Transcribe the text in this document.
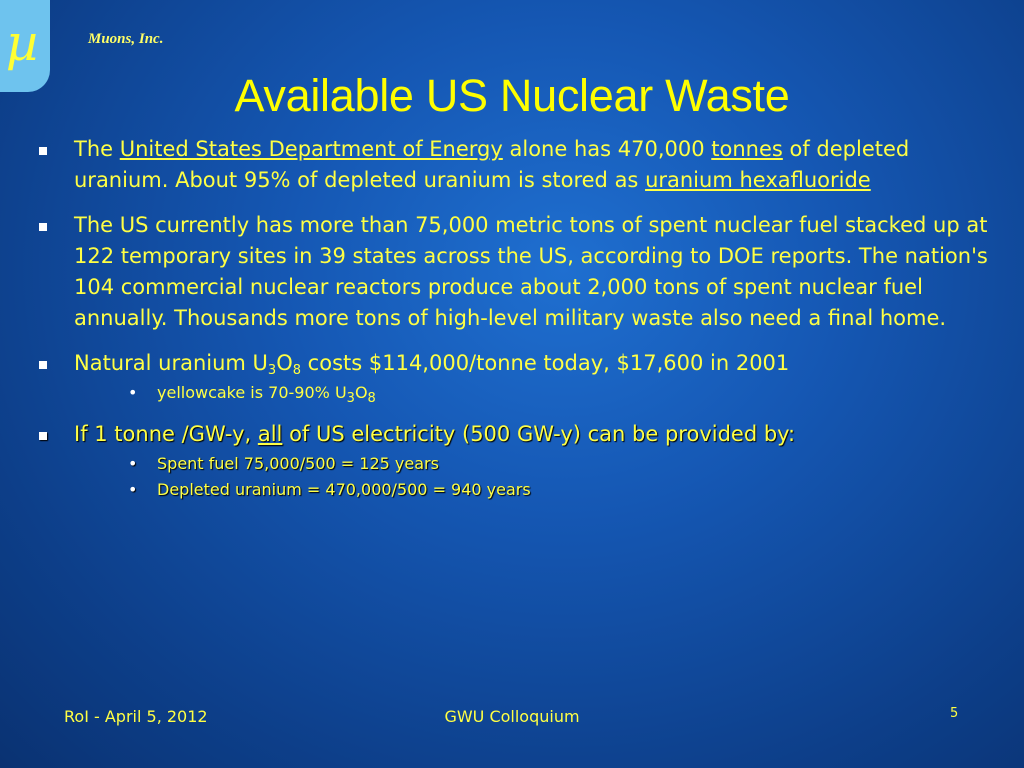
µ	Muons, Inc.
Available US Nuclear Waste
The United States Department of Energy alone has 470,000 tonnes of depleted uranium. About 95% of depleted uranium is stored as uranium hexafluoride
The US currently has more than 75,000 metric tons of spent nuclear fuel stacked up at 122 temporary sites in 39 states across the US, according to DOE reports. The nation's 104 commercial nuclear reactors produce about 2,000 tons of spent nuclear fuel annually. Thousands more tons of high-level military waste also need a final home.
Natural uranium $U_3O_8$ costs $114,000/tonne today, $17,600 in 2001
• yellowcake is 70-90% $U_3O_8$
If 1 tonne /GW-y, all of US electricity (500 GW-y) can be provided by:
• Spent fuel 75,000/500 = 125 years
• Depleted uranium = 470,000/500 = 940 years
RoI - April 5, 2012	GWU Colloquium	5
